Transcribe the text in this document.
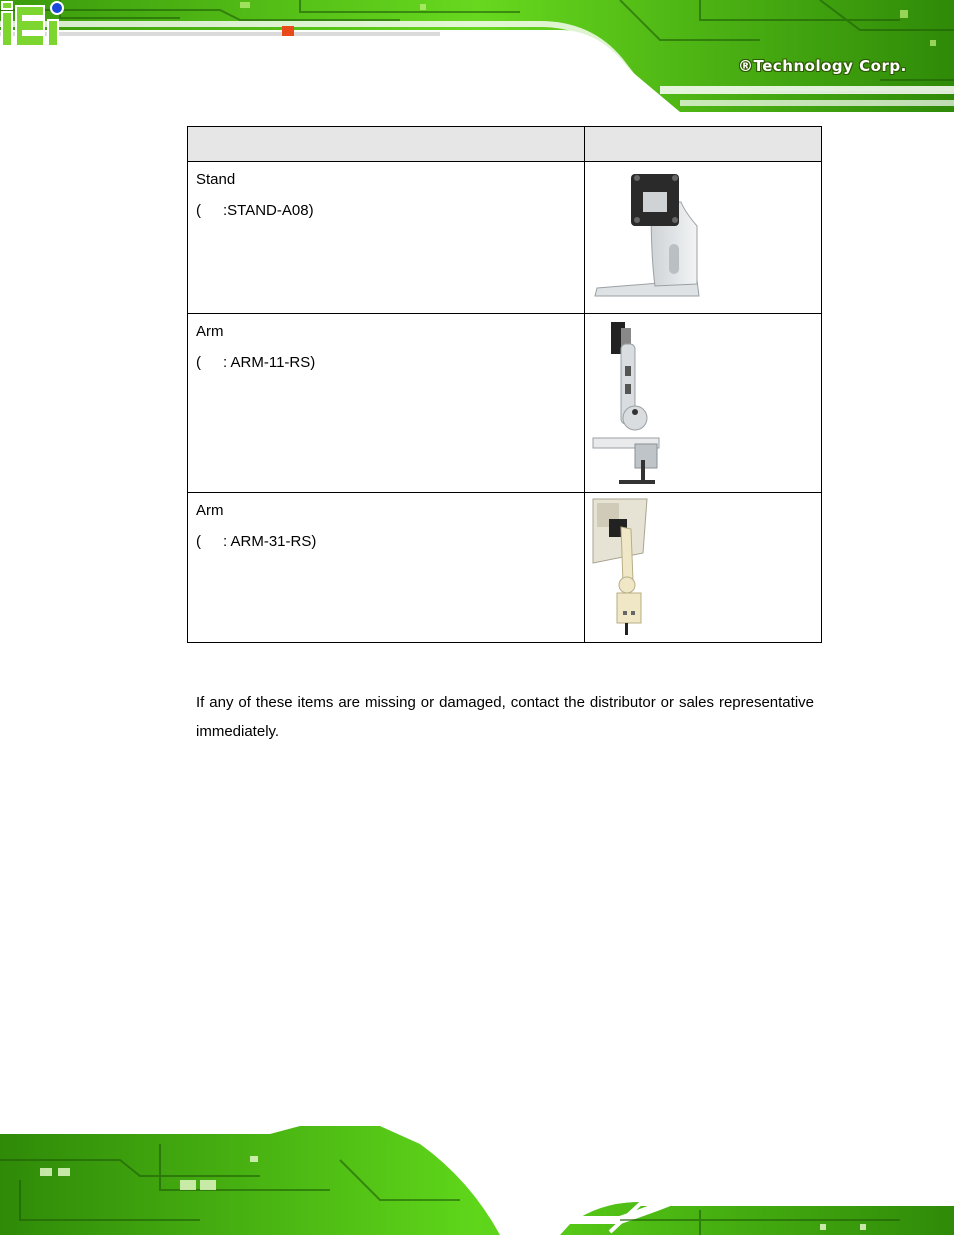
®Technology Corp.

Stand
( :STAND-A08)

Arm
( : ARM-11-RS)

Arm
( : ARM-31-RS)

If any of these items are missing or damaged, contact the distributor or sales representative immediately.
